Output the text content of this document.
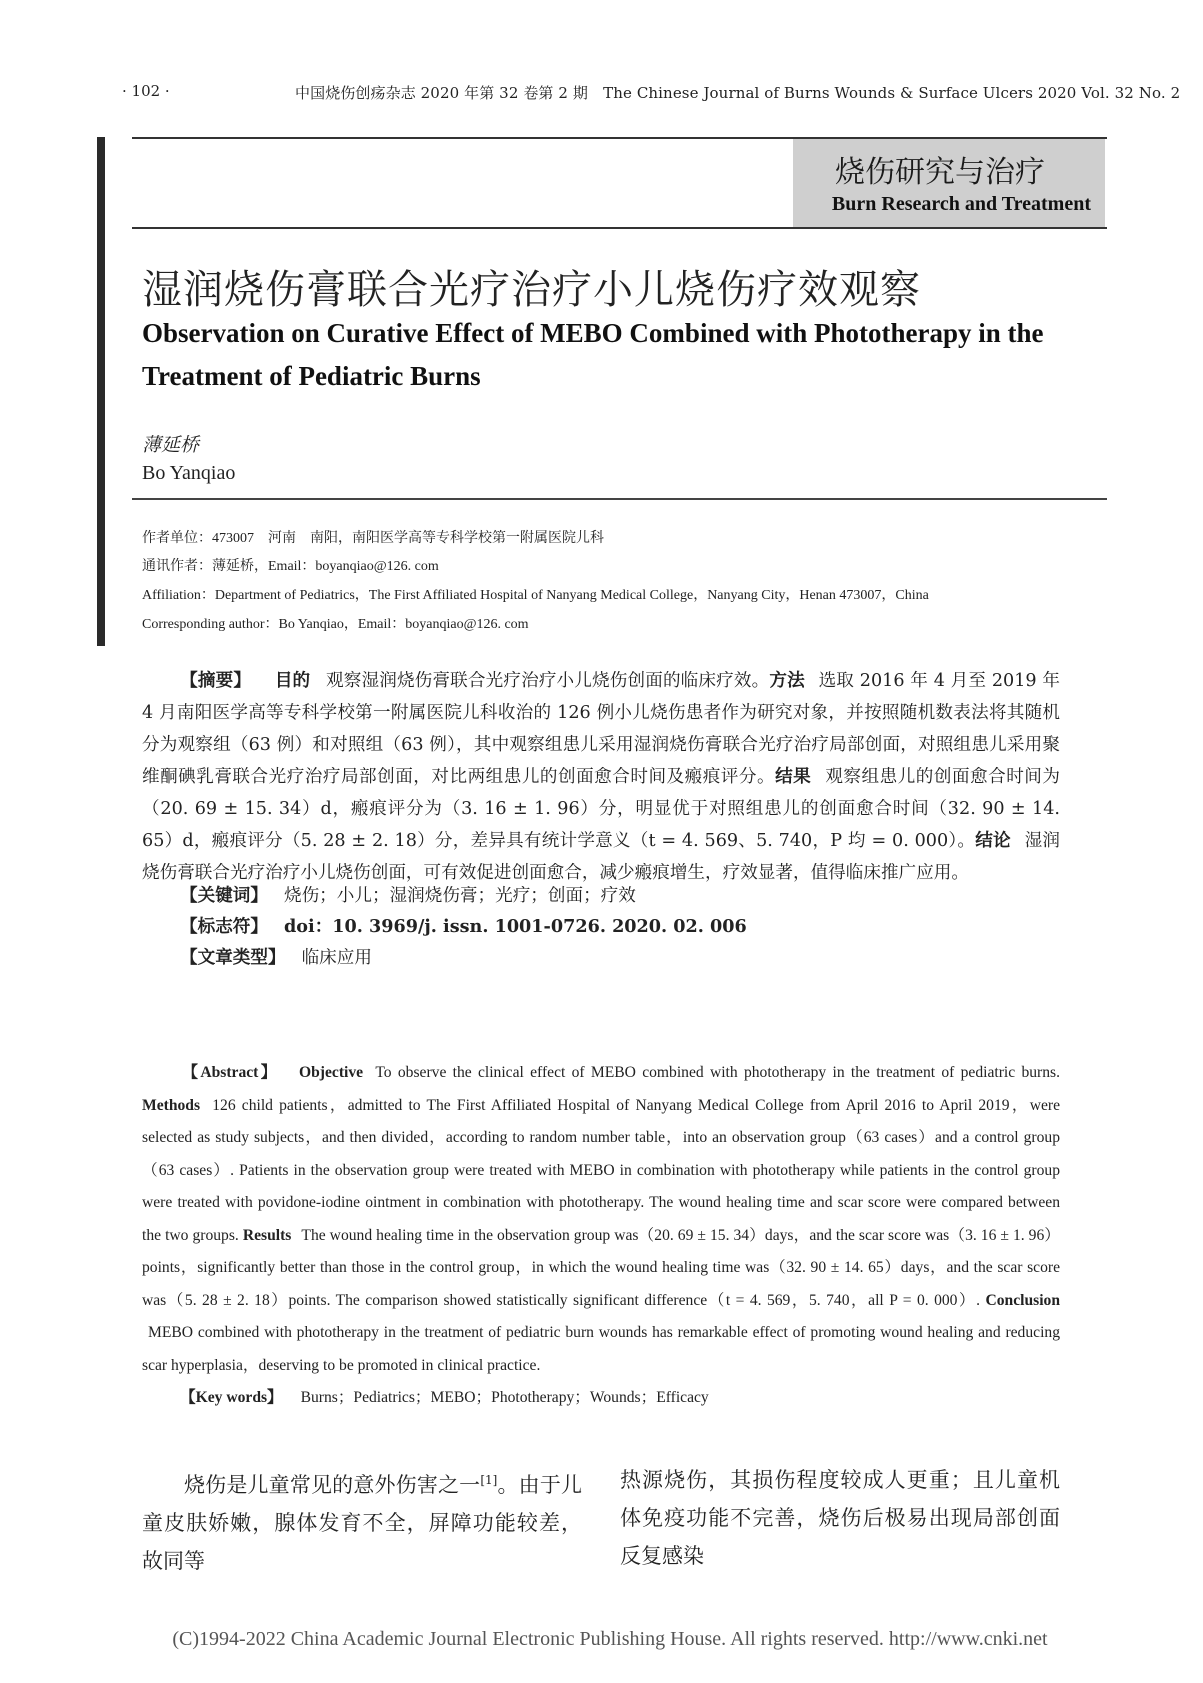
· 102 ·	中国烧伤创疡杂志 2020 年第 32 卷第 2 期　The Chinese Journal of Burns Wounds & Surface Ulcers 2020 Vol. 32 No. 2
烧伤研究与治疗
Burn Research and Treatment
湿润烧伤膏联合光疗治疗小儿烧伤疗效观察
Observation on Curative Effect of MEBO Combined with Phototherapy in the Treatment of Pediatric Burns
薄延桥
Bo Yanqiao
作者单位：473007　河南　南阳，南阳医学高等专科学校第一附属医院儿科
通讯作者：薄延桥，Email：boyanqiao@126. com
Affiliation：Department of Pediatrics，The First Affiliated Hospital of Nanyang Medical College，Nanyang City，Henan 473007，China
Corresponding author：Bo Yanqiao，Email：boyanqiao@126. com
【摘要】 目的 观察湿润烧伤膏联合光疗治疗小儿烧伤创面的临床疗效。方法 选取 2016 年 4 月至 2019 年 4 月南阳医学高等专科学校第一附属医院儿科收治的 126 例小儿烧伤患者作为研究对象，并按照随机数表法将其随机分为观察组（63 例）和对照组（63 例），其中观察组患儿采用湿润烧伤膏联合光疗治疗局部创面，对照组患儿采用聚维酮碘乳膏联合光疗治疗局部创面，对比两组患儿的创面愈合时间及瘢痕评分。结果 观察组患儿的创面愈合时间为（20. 69 ± 15. 34）d，瘢痕评分为（3. 16 ± 1. 96）分，明显优于对照组患儿的创面愈合时间（32. 90 ± 14. 65）d，瘢痕评分（5. 28 ± 2. 18）分，差异具有统计学意义（t = 4. 569、5. 740，P 均 = 0. 000）。结论 湿润烧伤膏联合光疗治疗小儿烧伤创面，可有效促进创面愈合，减少瘢痕增生，疗效显著，值得临床推广应用。
【关键词】 烧伤；小儿；湿润烧伤膏；光疗；创面；疗效
【标志符】 doi：10. 3969/j. issn. 1001-0726. 2020. 02. 006
【文章类型】 临床应用
【Abstract】 Objective To observe the clinical effect of MEBO combined with phototherapy in the treatment of pediatric burns. Methods 126 child patients，admitted to The First Affiliated Hospital of Nanyang Medical College from April 2016 to April 2019，were selected as study subjects，and then divided，according to random number table，into an observation group（63 cases）and a control group（63 cases）. Patients in the observation group were treated with MEBO in combination with phototherapy while patients in the control group were treated with povidone-iodine ointment in combination with phototherapy. The wound healing time and scar score were compared between the two groups. Results The wound healing time in the observation group was（20. 69 ± 15. 34）days，and the scar score was（3. 16 ± 1. 96）points，significantly better than those in the control group，in which the wound healing time was（32. 90 ± 14. 65）days，and the scar score was（5. 28 ± 2. 18）points. The comparison showed statistically significant difference（t = 4. 569，5. 740，all P = 0. 000）. Conclusion MEBO combined with phototherapy in the treatment of pediatric burn wounds has remarkable effect of promoting wound healing and reducing scar hyperplasia，deserving to be promoted in clinical practice.
【Key words】 Burns；Pediatrics；MEBO；Phototherapy；Wounds；Efficacy
烧伤是儿童常见的意外伤害之一[1]。由于儿童皮肤娇嫩，腺体发育不全，屏障功能较差，故同等
热源烧伤，其损伤程度较成人更重；且儿童机体免疫功能不完善，烧伤后极易出现局部创面反复感染
(C)1994-2022 China Academic Journal Electronic Publishing House. All rights reserved. http://www.cnki.net
